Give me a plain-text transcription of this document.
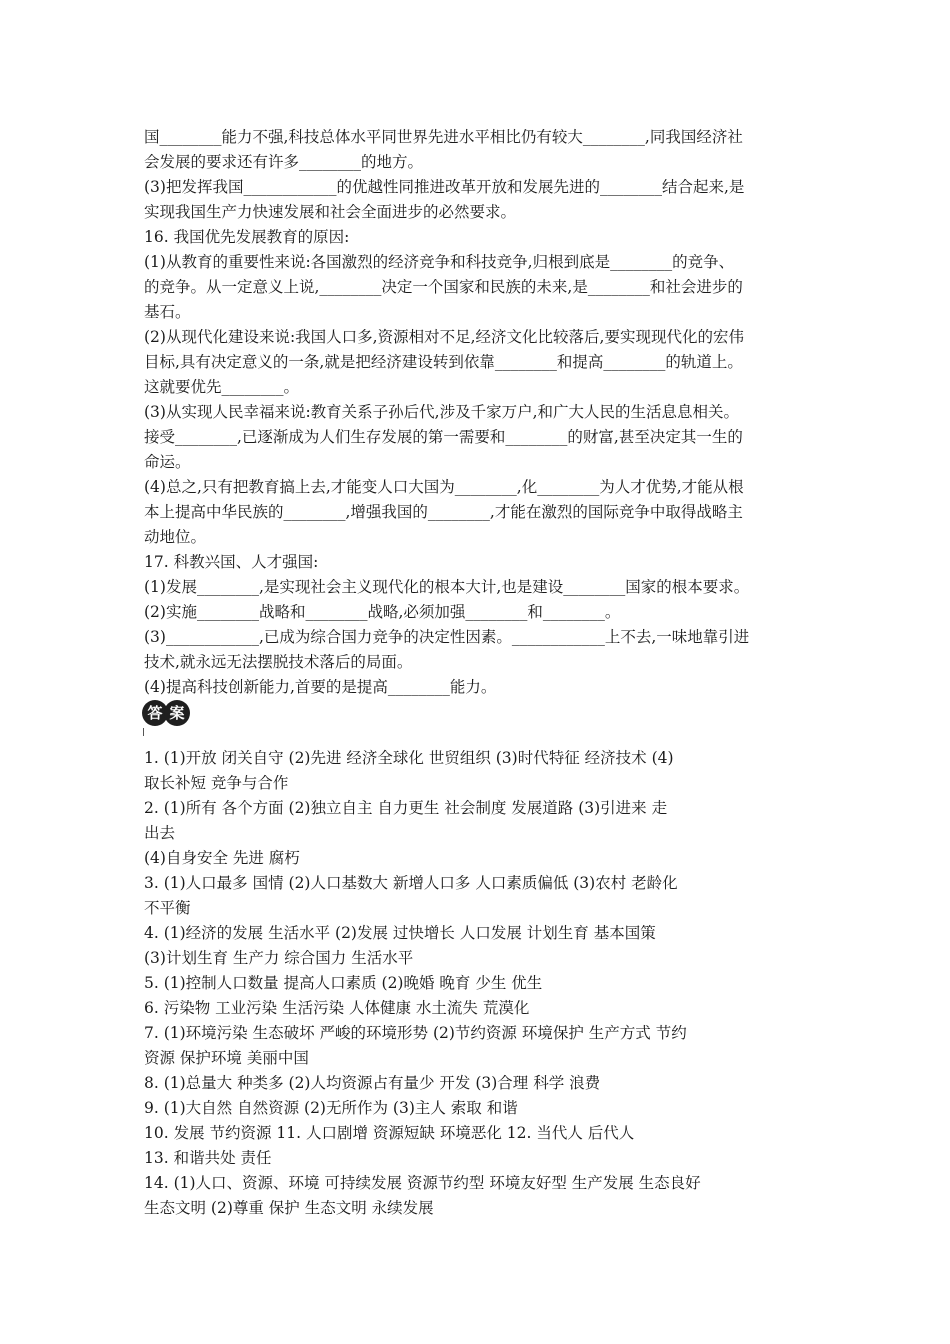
国________能力不强,科技总体水平同世界先进水平相比仍有较大________,同我国经济社
会发展的要求还有许多________的地方。
(3)把发挥我国____________的优越性同推进改革开放和发展先进的________结合起来,是
实现我国生产力快速发展和社会全面进步的必然要求。
16. 我国优先发展教育的原因:
(1)从教育的重要性来说:各国激烈的经济竞争和科技竞争,归根到底是________的竞争、
的竞争。从一定意义上说,________决定一个国家和民族的未来,是________和社会进步的
基石。
(2)从现代化建设来说:我国人口多,资源相对不足,经济文化比较落后,要实现现代化的宏伟
目标,具有决定意义的一条,就是把经济建设转到依靠________和提高________的轨道上。
这就要优先________。
(3)从实现人民幸福来说:教育关系子孙后代,涉及千家万户,和广大人民的生活息息相关。
接受________,已逐渐成为人们生存发展的第一需要和________的财富,甚至决定其一生的
命运。
(4)总之,只有把教育搞上去,才能变人口大国为________,化________为人才优势,才能从根
本上提高中华民族的________,增强我国的________,才能在激烈的国际竞争中取得战略主
动地位。
17. 科教兴国、人才强国:
(1)发展________,是实现社会主义现代化的根本大计,也是建设________国家的根本要求。
(2)实施________战略和________战略,必须加强________和________。
(3)____________,已成为综合国力竞争的决定性因素。____________上不去,一味地靠引进
技术,就永远无法摆脱技术落后的局面。
(4)提高科技创新能力,首要的是提高________能力。
答 案
1. (1)开放 闭关自守 (2)先进 经济全球化 世贸组织 (3)时代特征 经济技术 (4)
取长补短 竞争与合作
2. (1)所有 各个方面 (2)独立自主 自力更生 社会制度 发展道路 (3)引进来 走
出去
(4)自身安全 先进 腐朽
3. (1)人口最多 国情 (2)人口基数大 新增人口多 人口素质偏低 (3)农村 老龄化
不平衡
4. (1)经济的发展 生活水平 (2)发展 过快增长 人口发展 计划生育 基本国策
(3)计划生育 生产力 综合国力 生活水平
5. (1)控制人口数量 提高人口素质 (2)晚婚 晚育 少生 优生
6. 污染物 工业污染 生活污染 人体健康 水土流失 荒漠化
7. (1)环境污染 生态破坏 严峻的环境形势 (2)节约资源 环境保护 生产方式 节约
资源 保护环境 美丽中国
8. (1)总量大 种类多 (2)人均资源占有量少 开发 (3)合理 科学 浪费
9. (1)大自然 自然资源 (2)无所作为 (3)主人 索取 和谐
10. 发展 节约资源 11. 人口剧增 资源短缺 环境恶化 12. 当代人 后代人
13. 和谐共处 责任
14. (1)人口、资源、环境 可持续发展 资源节约型 环境友好型 生产发展 生态良好
生态文明 (2)尊重 保护 生态文明 永续发展
